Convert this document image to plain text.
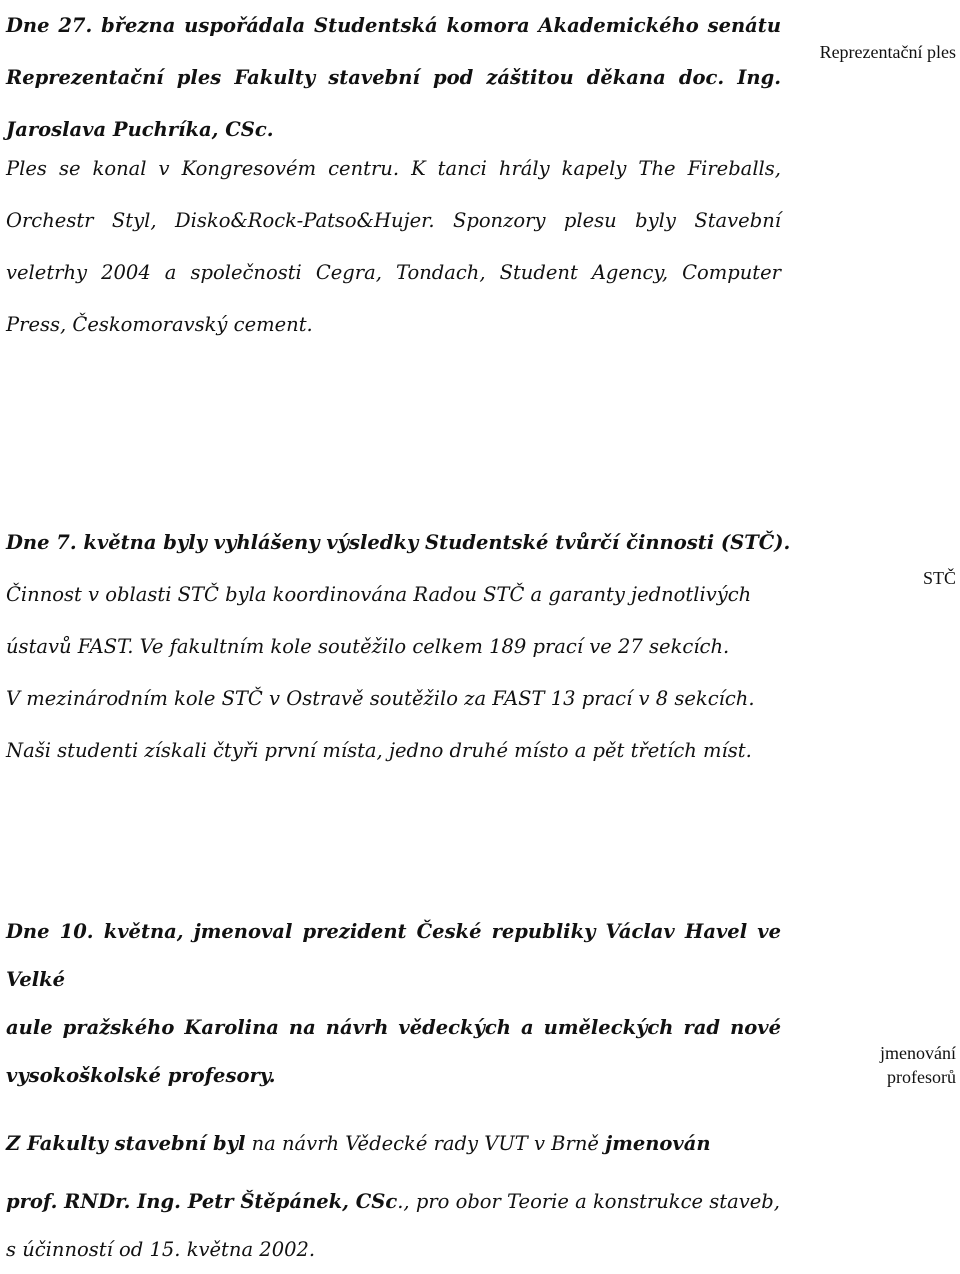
Dne 27. března uspořádala Studentská komora Akademického senátu
Reprezentační ples Fakulty stavební pod záštitou děkana doc. Ing.
Jaroslava Puchríka, CSc.
Ples se konal v Kongresovém centru. K tanci hrály kapely The Fireballs,
Orchestr Styl, Disko&Rock-Patso&Hujer. Sponzory plesu byly Stavební
veletrhy 2004 a společnosti Cegra, Tondach, Student Agency, Computer
Press, Českomoravský cement.
Dne 7. května byly vyhlášeny výsledky Studentské tvůrčí činnosti (STČ).
Činnost v oblasti STČ byla koordinována Radou STČ a garanty jednotlivých
ústavů FAST. Ve fakultním kole soutěžilo celkem 189 prací ve 27 sekcích.
V mezinárodním kole STČ v Ostravě soutěžilo za FAST 13 prací v 8 sekcích.
Naši studenti získali čtyři první místa, jedno druhé místo a pět třetích míst.
Dne 10. května, jmenoval prezident České republiky Václav Havel ve Velké
aule pražského Karolina na návrh vědeckých a uměleckých rad nové
vysokoškolské profesory.
Z Fakulty stavební byl na návrh Vědecké rady VUT v Brně jmenován
prof. RNDr. Ing. Petr Štěpánek, CSc., pro obor Teorie a konstrukce staveb,
s účinností od 15. května 2002.
Reprezentační ples
STČ
jmenování
profesorů
